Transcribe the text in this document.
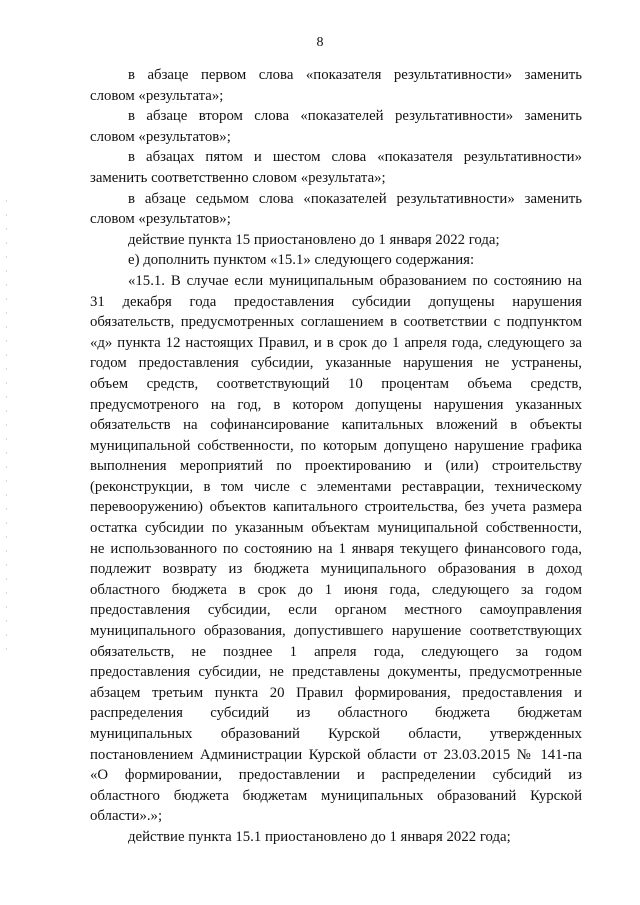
8
в абзаце первом слова «показателя результативности» заменить
словом «результата»;
в абзаце втором слова «показателей результативности» заменить
словом «результатов»;
в абзацах пятом и шестом слова «показателя результативности»
заменить соответственно словом «результата»;
в абзаце седьмом слова «показателей результативности» заменить
словом «результатов»;
действие пункта 15 приостановлено до 1 января 2022 года;
е) дополнить пунктом «15.1» следующего содержания:
«15.1. В случае если муниципальным образованием по состоянию на
31 декабря года предоставления субсидии допущены нарушения
обязательств, предусмотренных соглашением в соответствии с подпунктом
«д» пункта 12 настоящих Правил, и в срок до 1 апреля года, следующего за
годом предоставления субсидии, указанные нарушения не устранены,
объем средств, соответствующий 10 процентам объема средств,
предусмотреного на год, в котором допущены нарушения указанных
обязательств на софинансирование капитальных вложений в объекты
муниципальной собственности, по которым допущено нарушение графика
выполнения мероприятий по проектированию и (или) строительству
(реконструкции, в том числе с элементами реставрации, техническому
перевооружению) объектов капитального строительства, без учета размера
остатка субсидии по указанным объектам муниципальной собственности,
не использованного по состоянию на 1 января текущего финансового года,
подлежит возврату из бюджета муниципального образования в доход
областного бюджета в срок до 1 июня года, следующего за годом
предоставления субсидии, если органом местного самоуправления
муниципального образования, допустившего нарушение соответствующих
обязательств, не позднее 1 апреля года, следующего за годом
предоставления субсидии, не представлены документы, предусмотренные
абзацем третьим пункта 20 Правил формирования, предоставления и
распределения субсидий из областного бюджета бюджетам
муниципальных образований Курской области, утвержденных
постановлением Администрации Курской области от 23.03.2015 № 141-па
«О формировании, предоставлении и распределении субсидий из
областного бюджета бюджетам муниципальных образований Курской
области».»;
действие пункта 15.1 приостановлено до 1 января 2022 года;
